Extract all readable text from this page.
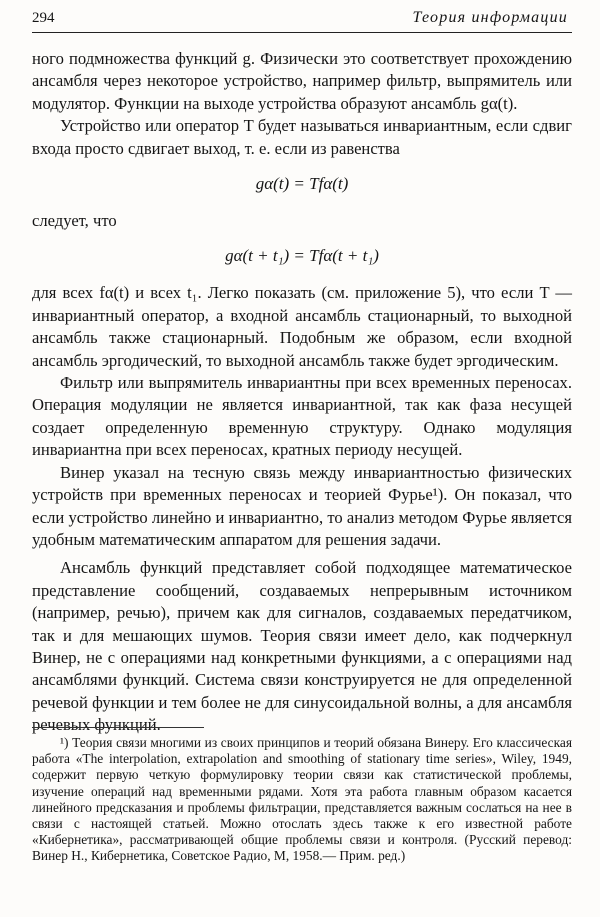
294	Теория информации

ного подмножества функций g. Физически это соответствует прохождению ансамбля через некоторое устройство, например фильтр, выпрямитель или модулятор. Функции на выходе устройства образуют ансамбль gα(t).

Устройство или оператор T будет называться инвариантным, если сдвиг входа просто сдвигает выход, т. е. если из равенства

gα(t) = Tfα(t)

следует, что

gα(t + t₁) = Tfα(t + t₁)

для всех fα(t) и всех t₁. Легко показать (см. приложение 5), что если T — инвариантный оператор, а входной ансамбль стационарный, то выходной ансамбль также стационарный. Подобным же образом, если входной ансамбль эргодический, то выходной ансамбль также будет эргодическим.

Фильтр или выпрямитель инвариантны при всех временных переносах. Операция модуляции не является инвариантной, так как фаза несущей создает определенную временную структуру. Однако модуляция инвариантна при всех переносах, кратных периоду несущей.

Винер указал на тесную связь между инвариантностью физических устройств при временных переносах и теорией Фурье¹). Он показал, что если устройство линейно и инвариантно, то анализ методом Фурье является удобным математическим аппаратом для решения задачи.

Ансамбль функций представляет собой подходящее математическое представление сообщений, создаваемых непрерывным источником (например, речью), причем как для сигналов, создаваемых передатчиком, так и для мешающих шумов. Теория связи имеет дело, как подчеркнул Винер, не с операциями над конкретными функциями, а с операциями над ансамблями функций. Система связи конструируется не для определенной речевой функции и тем более не для синусоидальной волны, а для ансамбля речевых функций.

¹) Теория связи многими из своих принципов и теорий обязана Винеру. Его классическая работа «The interpolation, extrapolation and smoothing of stationary time series», Wiley, 1949, содержит первую четкую формулировку теории связи как статистической проблемы, изучение операций над временными рядами. Хотя эта работа главным образом касается линейного предсказания и проблемы фильтрации, представляется важным сослаться на нее в связи с настоящей статьей. Можно отослать здесь также к его известной работе «Кибернетика», рассматривающей общие проблемы связи и контроля. (Русский перевод: Винер Н., Кибернетика, Советское Радио, М, 1958.— Прим. ред.)
